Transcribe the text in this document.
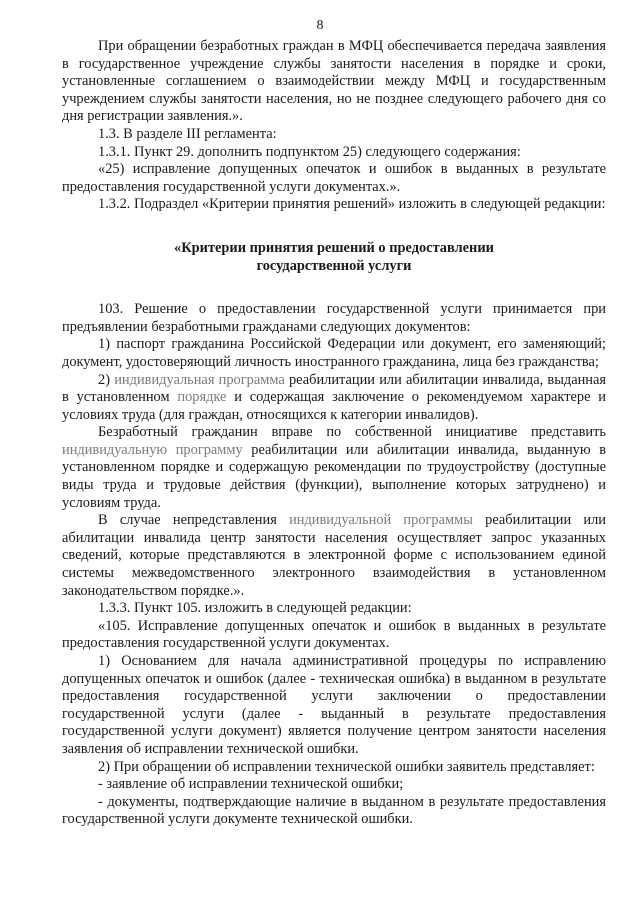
8

При обращении безработных граждан в МФЦ обеспечивается передача заявления в государственное учреждение службы занятости населения в порядке и сроки, установленные соглашением о взаимодействии между МФЦ и государственным учреждением службы занятости населения, но не позднее следующего рабочего дня со дня регистрации заявления.».

1.3. В разделе III регламента:

1.3.1. Пункт 29. дополнить подпунктом 25) следующего содержания:

«25) исправление допущенных опечаток и ошибок в выданных в результате предоставления государственной услуги документах.».

1.3.2. Подраздел «Критерии принятия решений» изложить в следующей редакции:

«Критерии принятия решений о предоставлении

государственной услуги

103. Решение о предоставлении государственной услуги принимается при предъявлении безработными гражданами следующих документов:

1) паспорт гражданина Российской Федерации или документ, его заменяющий; документ, удостоверяющий личность иностранного гражданина, лица без гражданства;

2) индивидуальная программа реабилитации или абилитации инвалида, выданная в установленном порядке и содержащая заключение о рекомендуемом характере и условиях труда (для граждан, относящихся к категории инвалидов).

Безработный гражданин вправе по собственной инициативе представить индивидуальную программу реабилитации или абилитации инвалида, выданную в установленном порядке и содержащую рекомендации по трудоустройству (доступные виды труда и трудовые действия (функции), выполнение которых затруднено) и условиям труда.

В случае непредставления индивидуальной программы реабилитации или абилитации инвалида центр занятости населения осуществляет запрос указанных сведений, которые представляются в электронной форме с использованием единой системы межведомственного электронного взаимодействия в установленном законодательством порядке.».

1.3.3. Пункт 105. изложить в следующей редакции:

«105. Исправление допущенных опечаток и ошибок в выданных в результате предоставления государственной услуги документах.

1) Основанием для начала административной процедуры по исправлению допущенных опечаток и ошибок (далее - техническая ошибка) в выданном в результате предоставления государственной услуги заключении о предоставлении государственной услуги (далее - выданный в результате предоставления государственной услуги документ) является получение центром занятости населения заявления об исправлении технической ошибки.

2) При обращении об исправлении технической ошибки заявитель представляет:

- заявление об исправлении технической ошибки;

- документы, подтверждающие наличие в выданном в результате предоставления государственной услуги документе технической ошибки.
